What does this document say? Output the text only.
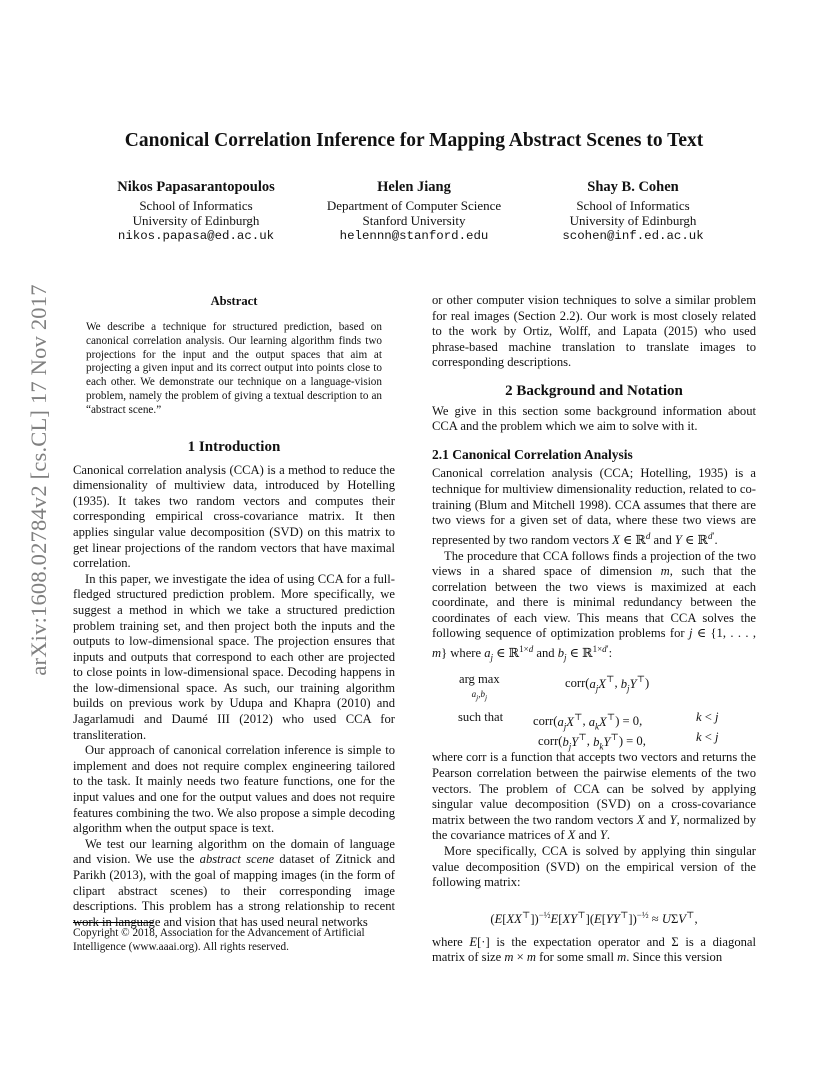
arXiv:1608.02784v2 [cs.CL] 17 Nov 2017
Canonical Correlation Inference for Mapping Abstract Scenes to Text
Nikos Papasarantopoulos
School of Informatics
University of Edinburgh
nikos.papasa@ed.ac.uk
Helen Jiang
Department of Computer Science
Stanford University
helennn@stanford.edu
Shay B. Cohen
School of Informatics
University of Edinburgh
scohen@inf.ed.ac.uk
Abstract
We describe a technique for structured prediction, based on canonical correlation analysis. Our learning algorithm finds two projections for the input and the output spaces that aim at projecting a given input and its correct output into points close to each other. We demonstrate our technique on a language-vision problem, namely the problem of giving a textual description to an “abstract scene.”
1 Introduction

Canonical correlation analysis (CCA) is a method to reduce the dimensionality of multiview data, introduced by Hotelling (1935). It takes two random vectors and computes their corresponding empirical cross-covariance matrix. It then applies singular value decomposition (SVD) on this matrix to get linear projections of the random vectors that have maximal correlation.

In this paper, we investigate the idea of using CCA for a full-fledged structured prediction problem. More specifically, we suggest a method in which we take a structured prediction problem training set, and then project both the inputs and the outputs to low-dimensional space. The projection ensures that inputs and outputs that correspond to each other are projected to close points in low-dimensional space. Decoding happens in the low-dimensional space. As such, our training algorithm builds on previous work by Udupa and Khapra (2010) and Jagarlamudi and Daumé III (2012) who used CCA for transliteration.

Our approach of canonical correlation inference is simple to implement and does not require complex engineering tailored to the task. It mainly needs two feature functions, one for the input values and one for the output values and does not require features combining the two. We also propose a simple decoding algorithm when the output space is text.

We test our learning algorithm on the domain of language and vision. We use the abstract scene dataset of Zitnick and Parikh (2013), with the goal of mapping images (in the form of clipart abstract scenes) to their corresponding image descriptions. This problem has a strong relationship to recent work in language and vision that has used neural networks

Copyright © 2018, Association for the Advancement of Artificial Intelligence (www.aaai.org). All rights reserved.

or other computer vision techniques to solve a similar problem for real images (Section 2.2). Our work is most closely related to the work by Ortiz, Wolff, and Lapata (2015) who used phrase-based machine translation to translate images to corresponding descriptions.

2 Background and Notation

We give in this section some background information about CCA and the problem which we aim to solve with it.

2.1 Canonical Correlation Analysis

Canonical correlation analysis (CCA; Hotelling, 1935) is a technique for multiview dimensionality reduction, related to co-training (Blum and Mitchell 1998). CCA assumes that there are two views for a given set of data, where these two views are represented by two random vectors X ∈ ℝ$^d$ and Y ∈ ℝ$^{d'}$.

The procedure that CCA follows finds a projection of the two views in a shared space of dimension m, such that the correlation between the two views is maximized at each coordinate, and there is minimal redundancy between the coordinates of each view. This means that CCA solves the following sequence of optimization problems for j ∈ {1, . . . , m} where $a_j$ ∈ ℝ$^{1\times d}$ and $b_j$ ∈ ℝ$^{1\times d'}$:

arg max
$a_j,b_j$
$corr(a_jX^⊤$, $b_jY^⊤$)
such that $corr(a_jX^⊤$, $a_kX^⊤) = 0$,	k < j
$corr(b_jY^⊤$, $b_kY^⊤) = 0$,	k < j

where corr is a function that accepts two vectors and returns the Pearson correlation between the pairwise elements of the two vectors. The problem of CCA can be solved by applying singular value decomposition (SVD) on a cross-covariance matrix between the two random vectors X and Y, normalized by the covariance matrices of X and Y.

More specifically, CCA is solved by applying thin singular value decomposition (SVD) on the empirical version of the following matrix:

$(E[XX^⊤])^{-\frac{1}{2}}E[XY^⊤](E[YY^⊤])^{-\frac{1}{2}} \approx U\Sigma V^⊤$,

where E[·] is the expectation operator and Σ is a diagonal matrix of size m × m for some small m. Since this version
